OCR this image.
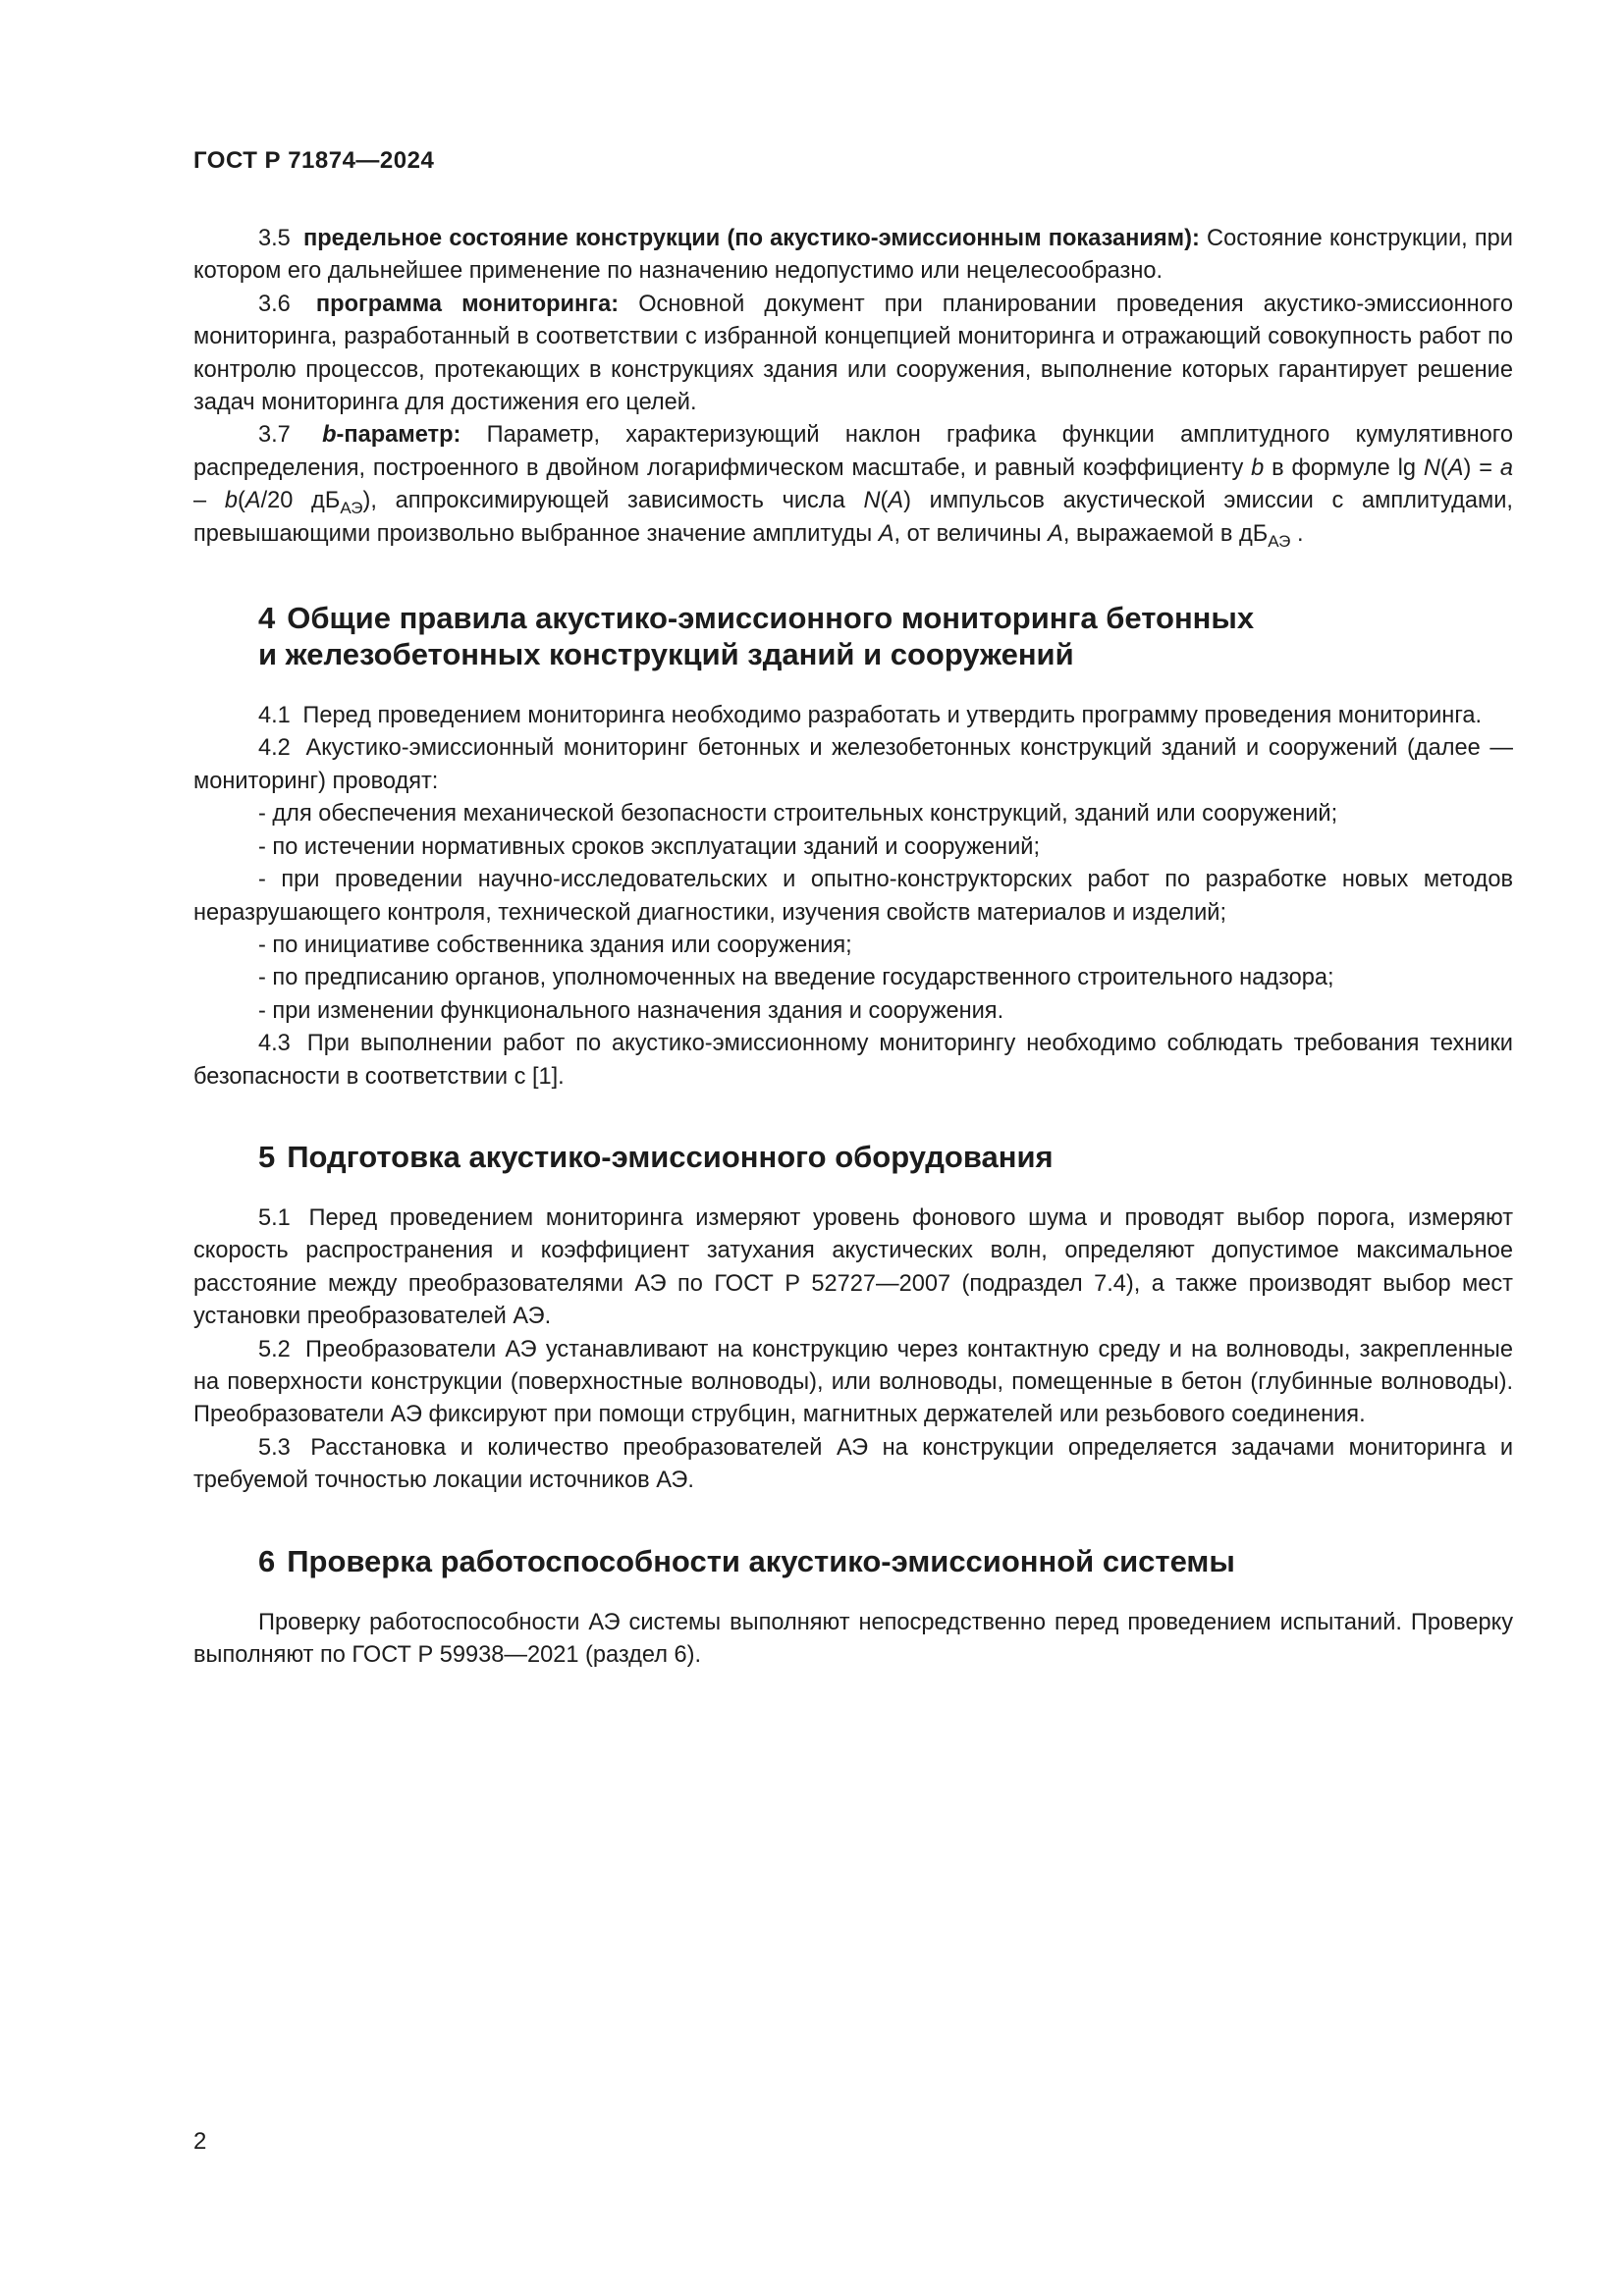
ГОСТ Р 71874—2024

3.5 предельное состояние конструкции (по акустико-эмиссионным показаниям): Состояние конструкции, при котором его дальнейшее применение по назначению недопустимо или нецелесообразно.

3.6 программа мониторинга: Основной документ при планировании проведения акустико-эмиссионного мониторинга, разработанный в соответствии с избранной концепцией мониторинга и отражающий совокупность работ по контролю процессов, протекающих в конструкциях здания или сооружения, выполнение которых гарантирует решение задач мониторинга для достижения его целей.

3.7 b-параметр: Параметр, характеризующий наклон графика функции амплитудного кумулятивного распределения, построенного в двойном логарифмическом масштабе, и равный коэффициенту b в формуле lg N(A) = a – b(A/20 $дБ_{АЭ}$), аппроксимирующей зависимость числа N(A) импульсов акустической эмиссии с амплитудами, превышающими произвольно выбранное значение амплитуды A, от величины A, выражаемой в $дБ_{АЭ}$ .

4 Общие правила акустико-эмиссионного мониторинга бетонных
и железобетонных конструкций зданий и сооружений

4.1 Перед проведением мониторинга необходимо разработать и утвердить программу проведения мониторинга.

4.2 Акустико-эмиссионный мониторинг бетонных и железобетонных конструкций зданий и сооружений (далее — мониторинг) проводят:

- для обеспечения механической безопасности строительных конструкций, зданий или сооружений;

- по истечении нормативных сроков эксплуатации зданий и сооружений;

- при проведении научно-исследовательских и опытно-конструкторских работ по разработке новых методов неразрушающего контроля, технической диагностики, изучения свойств материалов и изделий;

- по инициативе собственника здания или сооружения;

- по предписанию органов, уполномоченных на введение государственного строительного надзора;

- при изменении функционального назначения здания и сооружения.

4.3 При выполнении работ по акустико-эмиссионному мониторингу необходимо соблюдать требования техники безопасности в соответствии с [1].

5 Подготовка акустико-эмиссионного оборудования

5.1 Перед проведением мониторинга измеряют уровень фонового шума и проводят выбор порога, измеряют скорость распространения и коэффициент затухания акустических волн, определяют допустимое максимальное расстояние между преобразователями АЭ по ГОСТ Р 52727—2007 (подраздел 7.4), а также производят выбор мест установки преобразователей АЭ.

5.2 Преобразователи АЭ устанавливают на конструкцию через контактную среду и на волноводы, закрепленные на поверхности конструкции (поверхностные волноводы), или волноводы, помещенные в бетон (глубинные волноводы). Преобразователи АЭ фиксируют при помощи струбцин, магнитных держателей или резьбового соединения.

5.3 Расстановка и количество преобразователей АЭ на конструкции определяется задачами мониторинга и требуемой точностью локации источников АЭ.

6 Проверка работоспособности акустико-эмиссионной системы

Проверку работоспособности АЭ системы выполняют непосредственно перед проведением испытаний. Проверку выполняют по ГОСТ Р 59938—2021 (раздел 6).

2
